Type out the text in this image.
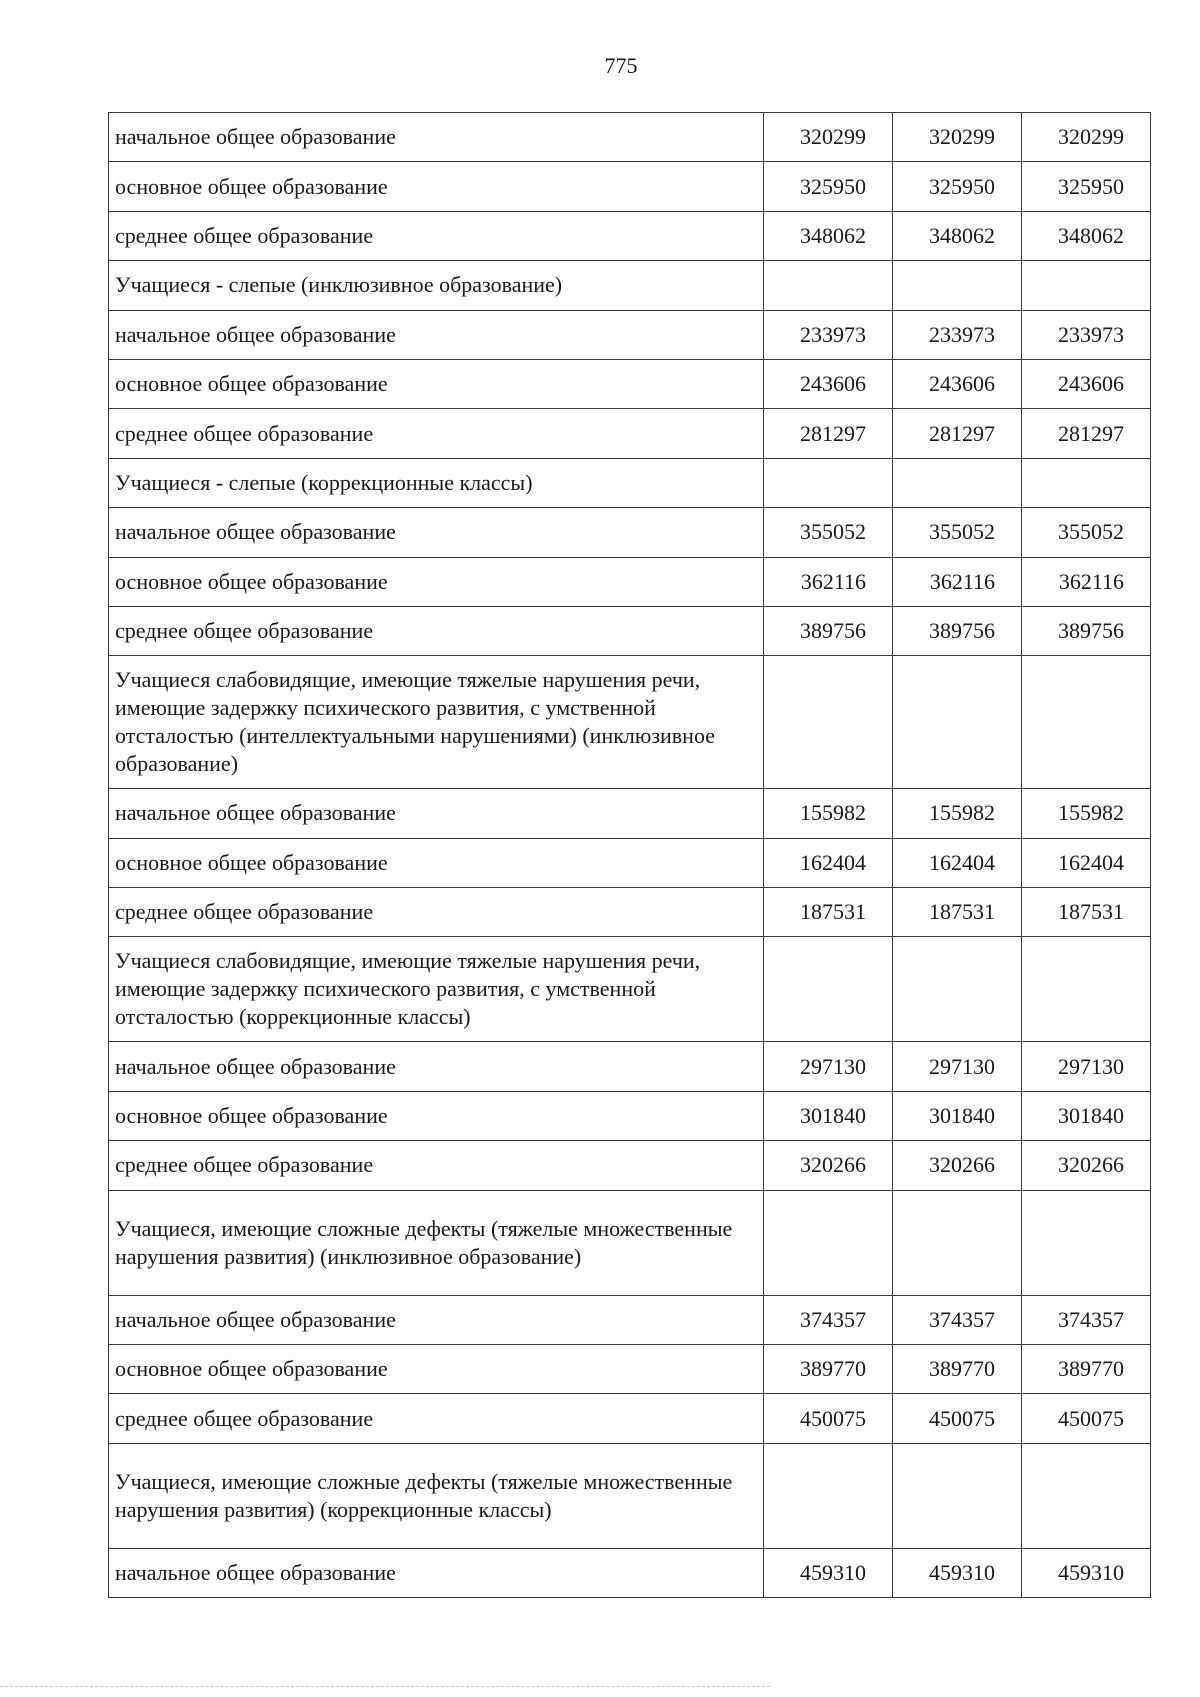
775
начальное общее образование	320299	320299	320299
основное общее образование	325950	325950	325950
среднее общее образование	348062	348062	348062
Учащиеся - слепые (инклюзивное образование)			
начальное общее образование	233973	233973	233973
основное общее образование	243606	243606	243606
среднее общее образование	281297	281297	281297
Учащиеся - слепые (коррекционные классы)			
начальное общее образование	355052	355052	355052
основное общее образование	362116	362116	362116
среднее общее образование	389756	389756	389756
Учащиеся слабовидящие, имеющие тяжелые нарушения речи, имеющие задержку психического развития, с умственной отсталостью (интеллектуальными нарушениями) (инклюзивное образование)			
начальное общее образование	155982	155982	155982
основное общее образование	162404	162404	162404
среднее общее образование	187531	187531	187531
Учащиеся слабовидящие, имеющие тяжелые нарушения речи, имеющие задержку психического развития, с умственной отсталостью (коррекционные классы)			
начальное общее образование	297130	297130	297130
основное общее образование	301840	301840	301840
среднее общее образование	320266	320266	320266
Учащиеся, имеющие сложные дефекты (тяжелые множественные нарушения развития) (инклюзивное образование)			
начальное общее образование	374357	374357	374357
основное общее образование	389770	389770	389770
среднее общее образование	450075	450075	450075
Учащиеся, имеющие сложные дефекты (тяжелые множественные нарушения развития) (коррекционные классы)			
начальное общее образование	459310	459310	459310
